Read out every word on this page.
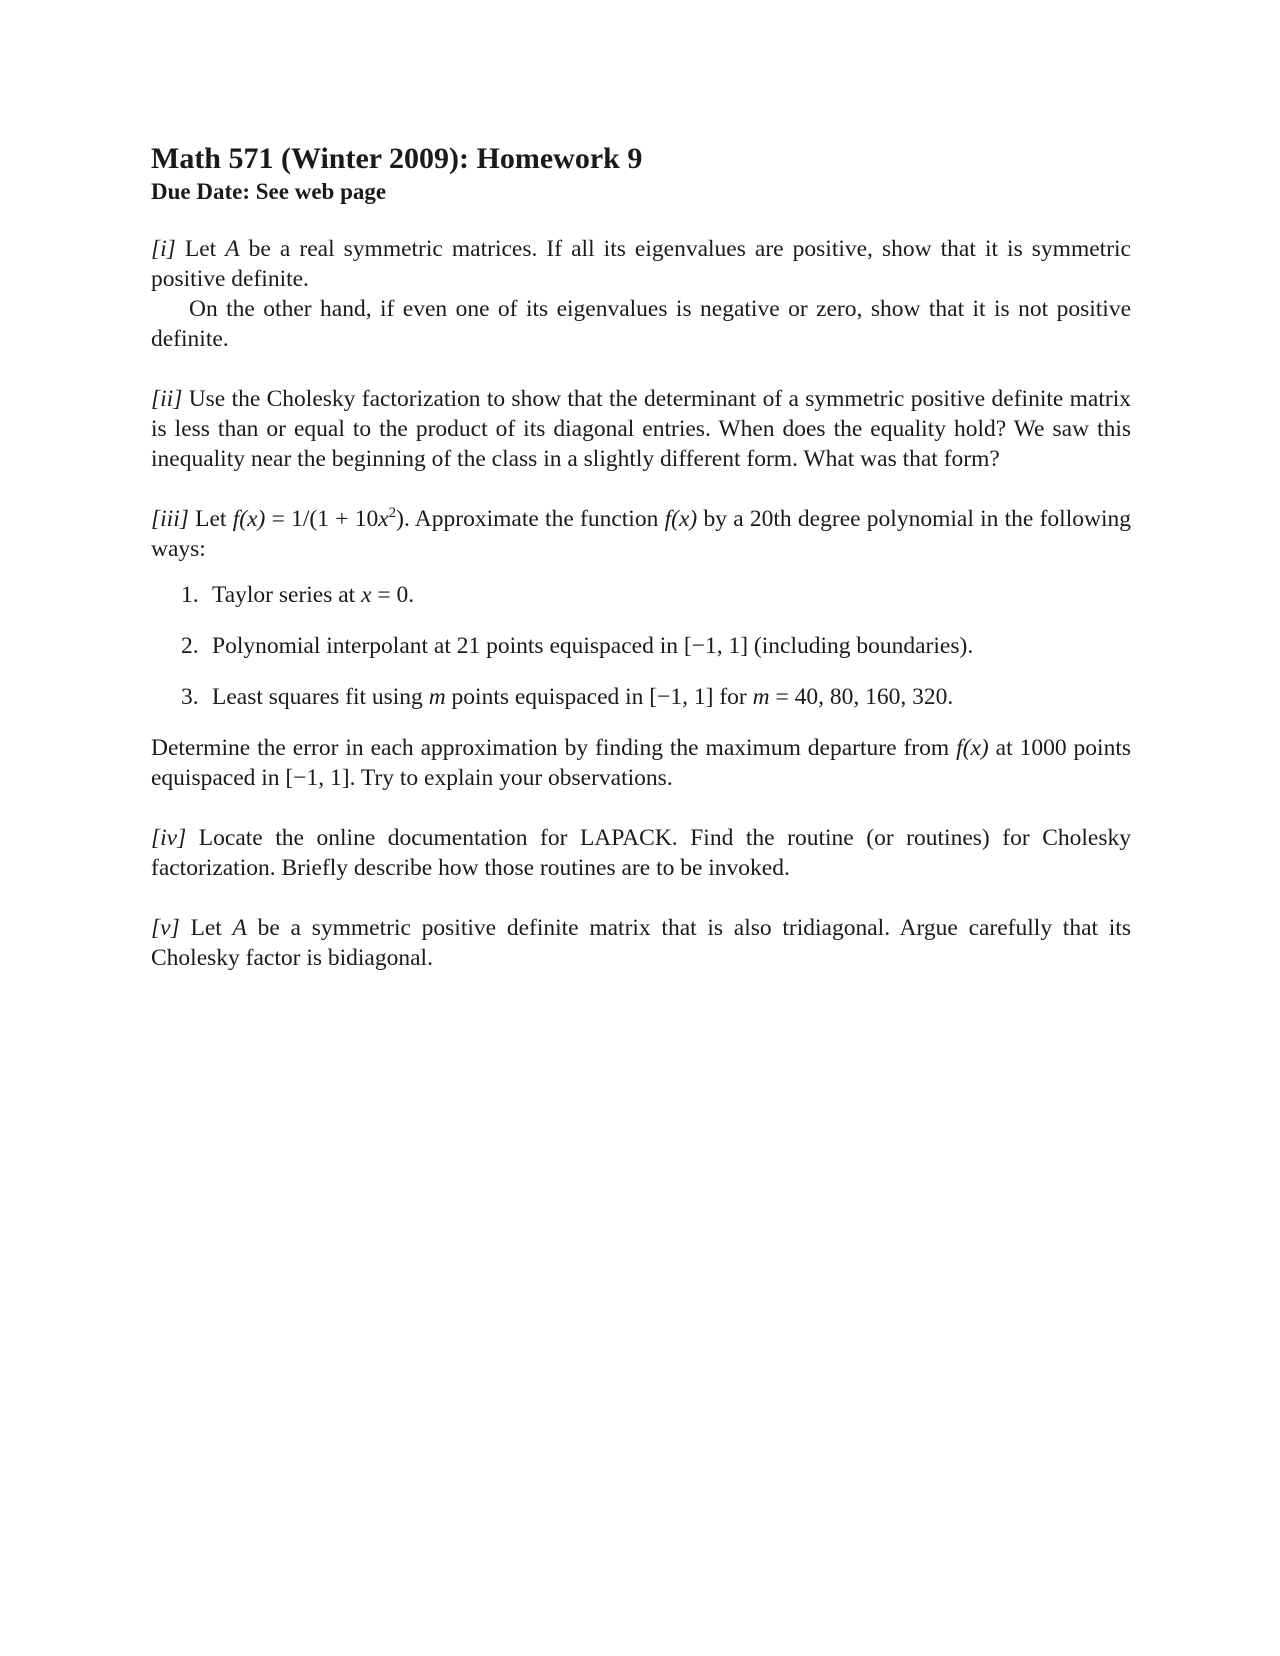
Math 571 (Winter 2009): Homework 9
Due Date: See web page

[i] Let A be a real symmetric matrices. If all its eigenvalues are positive, show that it is symmetric positive definite.

On the other hand, if even one of its eigenvalues is negative or zero, show that it is not positive definite.

[ii] Use the Cholesky factorization to show that the determinant of a symmetric positive definite matrix is less than or equal to the product of its diagonal entries. When does the equality hold? We saw this inequality near the beginning of the class in a slightly different form. What was that form?

[iii] Let $f(x) = 1/(1 + 10x^2)$. Approximate the function f(x) by a 20th degree polynomial in the following ways:

1. Taylor series at x = 0.
2. Polynomial interpolant at 21 points equispaced in [−1, 1] (including boundaries).
3. Least squares fit using m points equispaced in [−1, 1] for m = 40, 80, 160, 320.

Determine the error in each approximation by finding the maximum departure from f(x) at 1000 points equispaced in [−1, 1]. Try to explain your observations.

[iv] Locate the online documentation for LAPACK. Find the routine (or routines) for Cholesky factorization. Briefly describe how those routines are to be invoked.

[v] Let A be a symmetric positive definite matrix that is also tridiagonal. Argue carefully that its Cholesky factor is bidiagonal.
